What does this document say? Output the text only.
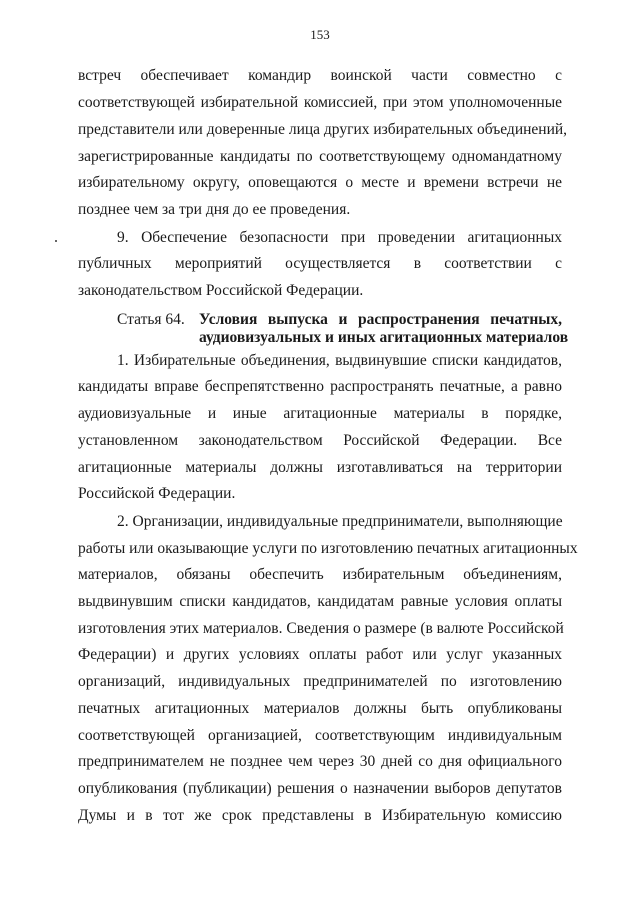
153
встреч обеспечивает командир воинской части совместно с
соответствующей избирательной комиссией, при этом уполномоченные
представители или доверенные лица других избирательных объединений,
зарегистрированные кандидаты по соответствующему одномандатному
избирательному округу, оповещаются о месте и времени встречи не
позднее чем за три дня до ее проведения.
9. Обеспечение безопасности при проведении агитационных
публичных мероприятий осуществляется в соответствии с
законодательством Российской Федерации.
Статья 64. Условия выпуска и распространения печатных,
аудиовизуальных и иных агитационных материалов
1. Избирательные объединения, выдвинувшие списки кандидатов,
кандидаты вправе беспрепятственно распространять печатные, а равно
аудиовизуальные и иные агитационные материалы в порядке,
установленном законодательством Российской Федерации. Все
агитационные материалы должны изготавливаться на территории
Российской Федерации.
2. Организации, индивидуальные предприниматели, выполняющие
работы или оказывающие услуги по изготовлению печатных агитационных
материалов, обязаны обеспечить избирательным объединениям,
выдвинувшим списки кандидатов, кандидатам равные условия оплаты
изготовления этих материалов. Сведения о размере (в валюте Российской
Федерации) и других условиях оплаты работ или услуг указанных
организаций, индивидуальных предпринимателей по изготовлению
печатных агитационных материалов должны быть опубликованы
соответствующей организацией, соответствующим индивидуальным
предпринимателем не позднее чем через 30 дней со дня официального
опубликования (публикации) решения о назначении выборов депутатов
Думы и в тот же срок представлены в Избирательную комиссию
